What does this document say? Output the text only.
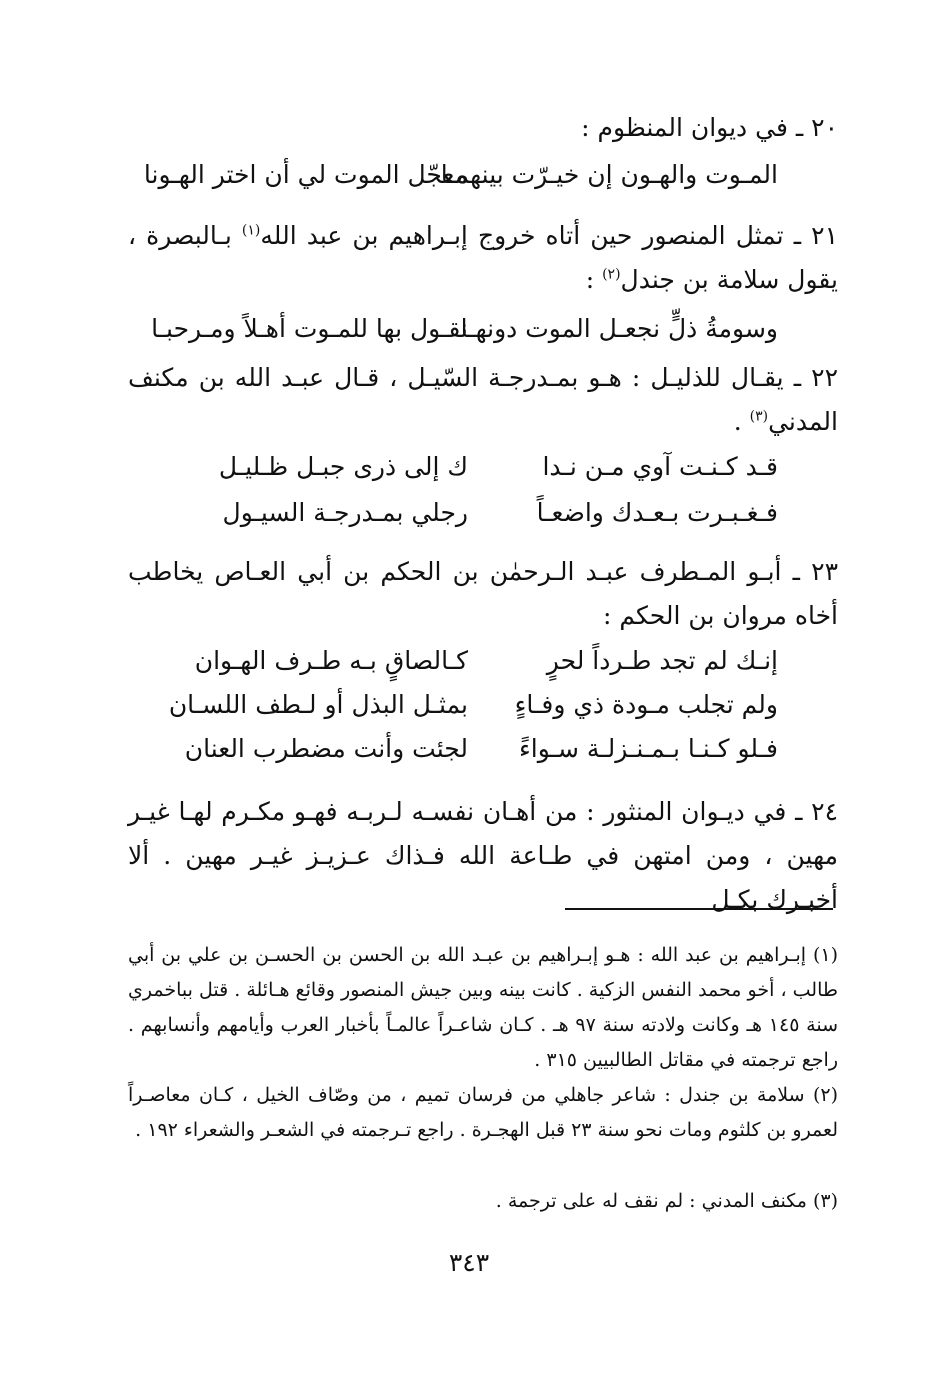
٢٠ ـ في ديوان المنظوم :

المـوت والهـون إن خيـرّت بينهمـا
معجّل الموت لي أن اختر الهـونا

٢١ ـ تمثل المنصور حين أتاه خروج إبـراهيم بن عبد الله$^{(١)}$ بـالبصرة ، يقول سلامة بن جندل$^{(٢)}$ :

وسومةُ ذلٍّ نجعـل الموت دونهـا
نقـول بها للمـوت أهـلاً ومـرحبـا

٢٢ ـ يقـال للذليـل : هـو بمـدرجـة السّيـل ، قـال عبـد الله بن مكنف المدني$^{(٣)}$ .

قـد كـنـت آوي مـن نـدا
ك إلى ذرى جبـل ظـليـل
فـغـبـرت بـعـدك واضعـاً
رجلي بمـدرجـة السيـول

٢٣ ـ أبـو المـطرف عبـد الـرحمٰن بن الحكم بن أبي العـاص يخاطب أخاه مروان بن الحكم :

إنـك لم تجد طـرداً لحرٍ
كـالصاقٍ بـه طـرف الهـوان
ولم تجلب مـودة ذي وفـاءٍ
بمثـل البذل أو لـطف اللسـان
فـلو كـنـا بـمـنـزلـة سـواءً
لجئت وأنت مضطرب العنان

٢٤ ـ في ديـوان المنثور : من أهـان نفسـه لـربـه فهـو مكـرم لهـا غيـر مهين ، ومن امتهن في طـاعة الله فـذاك عـزيـز غيـر مهين . ألا أخبـرك بكـل

(١) إبـراهيم بن عبد الله : هـو إبـراهيم بن عبـد الله بن الحسن بن الحسـن بن علي بن أبي طالب ، أخو محمد النفس الزكية . كانت بينه وبين جيش المنصور وقائع هـائلة . قتل بباخمري سنة ١٤٥ هـ وكانت ولادته سنة ٩٧ هـ . كـان شاعـراً عالمـاً بأخبار العرب وأيامهم وأنسابهم . راجع ترجمته في مقاتل الطالبيين ٣١٥ .

(٢) سلامة بن جندل : شاعر جاهلي من فرسان تميم ، من وصّاف الخيل ، كـان معاصـراً لعمرو بن كلثوم ومات نحو سنة ٢٣ قبل الهجـرة . راجع تـرجمته في الشعـر والشعراء ١٩٢ .

(٣) مكنف المدني : لم نقف له على ترجمة .

٣٤٣
